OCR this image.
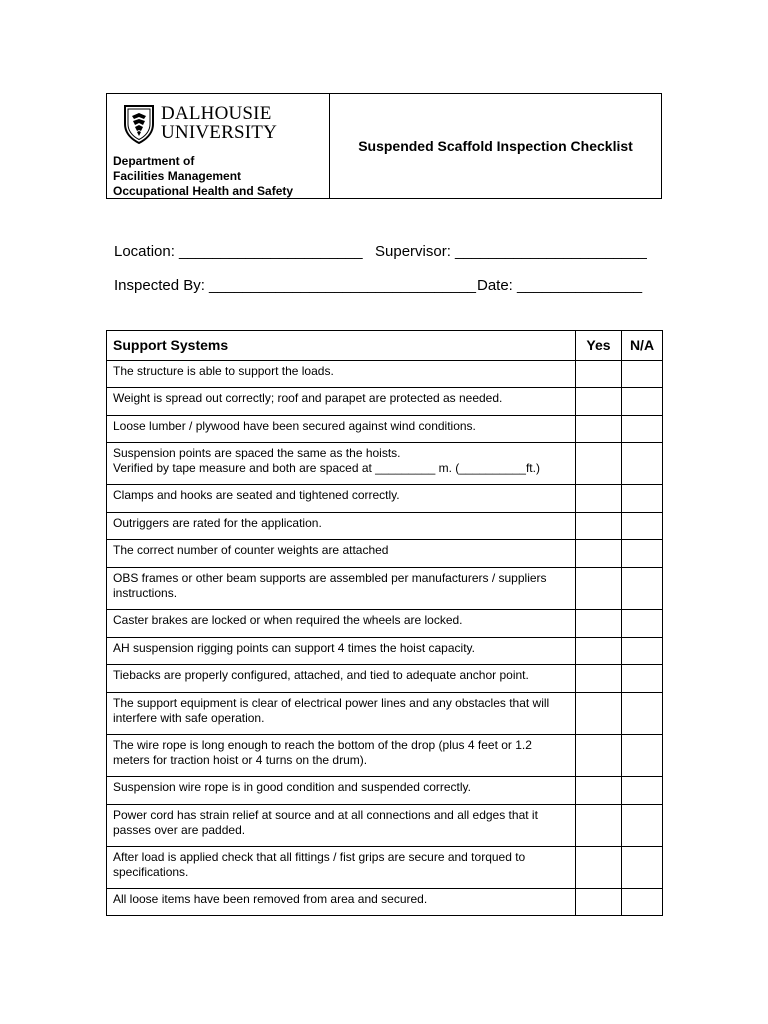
DALHOUSIE
UNIVERSITY
Department of
Facilities Management
Occupational Health and Safety
Suspended Scaffold Inspection Checklist
Location: ______________________ Supervisor: _______________________
Inspected By: ________________________________ Date: _______________
Support Systems	Yes	N/A

The structure is able to support the loads.		

Weight is spread out correctly; roof and parapet are protected as needed.		

Loose lumber / plywood have been secured against wind conditions.		

Suspension points are spaced the same as the hoists.
Verified by tape measure and both are spaced at _________ m. (__________ft.)		

Clamps and hooks are seated and tightened correctly.		

Outriggers are rated for the application.		

The correct number of counter weights are attached		

OBS frames or other beam supports are assembled per manufacturers / suppliers
instructions.		

Caster brakes are locked or when required the wheels are locked.		

AH suspension rigging points can support 4 times the hoist capacity.		

Tiebacks are properly configured, attached, and tied to adequate anchor point.		

The support equipment is clear of electrical power lines and any obstacles that will
interfere with safe operation.		

The wire rope is long enough to reach the bottom of the drop (plus 4 feet or 1.2
meters for traction hoist or 4 turns on the drum).		

Suspension wire rope is in good condition and suspended correctly.		

Power cord has strain relief at source and at all connections and all edges that it
passes over are padded.		

After load is applied check that all fittings / fist grips are secure and torqued to
specifications.		

All loose items have been removed from area and secured.		
